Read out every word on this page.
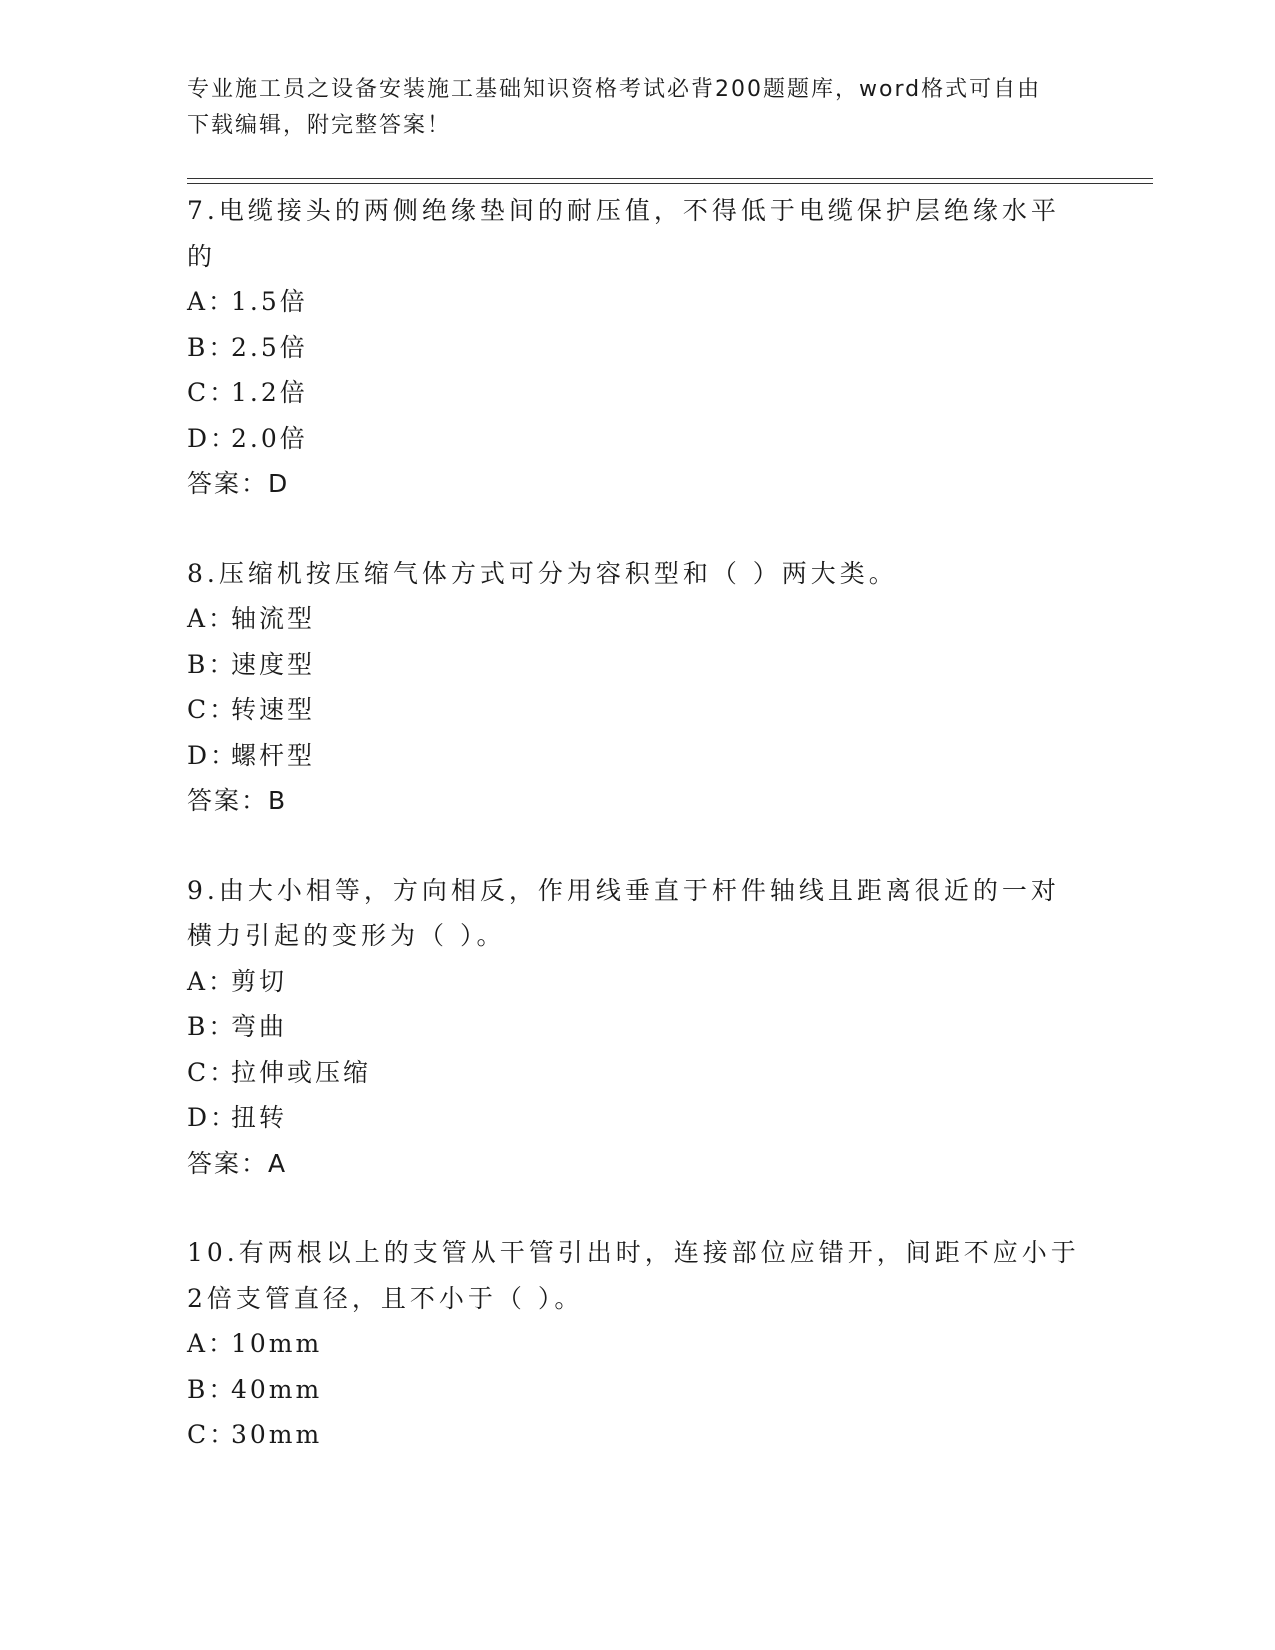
专业施工员之设备安装施工基础知识资格考试必背200题题库，word格式可自由
下载编辑，附完整答案！

7.电缆接头的两侧绝缘垫间的耐压值，不得低于电缆保护层绝缘水平
的

A：1.5倍

B：2.5倍

C：1.2倍

D：2.0倍

答案：D

8.压缩机按压缩气体方式可分为容积型和（ ）两大类。

A：轴流型

B：速度型

C：转速型

D：螺杆型

答案：B

9.由大小相等，方向相反，作用线垂直于杆件轴线且距离很近的一对
横力引起的变形为（ ）。

A：剪切

B：弯曲

C：拉伸或压缩

D：扭转

答案：A

10.有两根以上的支管从干管引出时，连接部位应错开，间距不应小于
2倍支管直径，且不小于（ ）。

A：10mm

B：40mm

C：30mm
